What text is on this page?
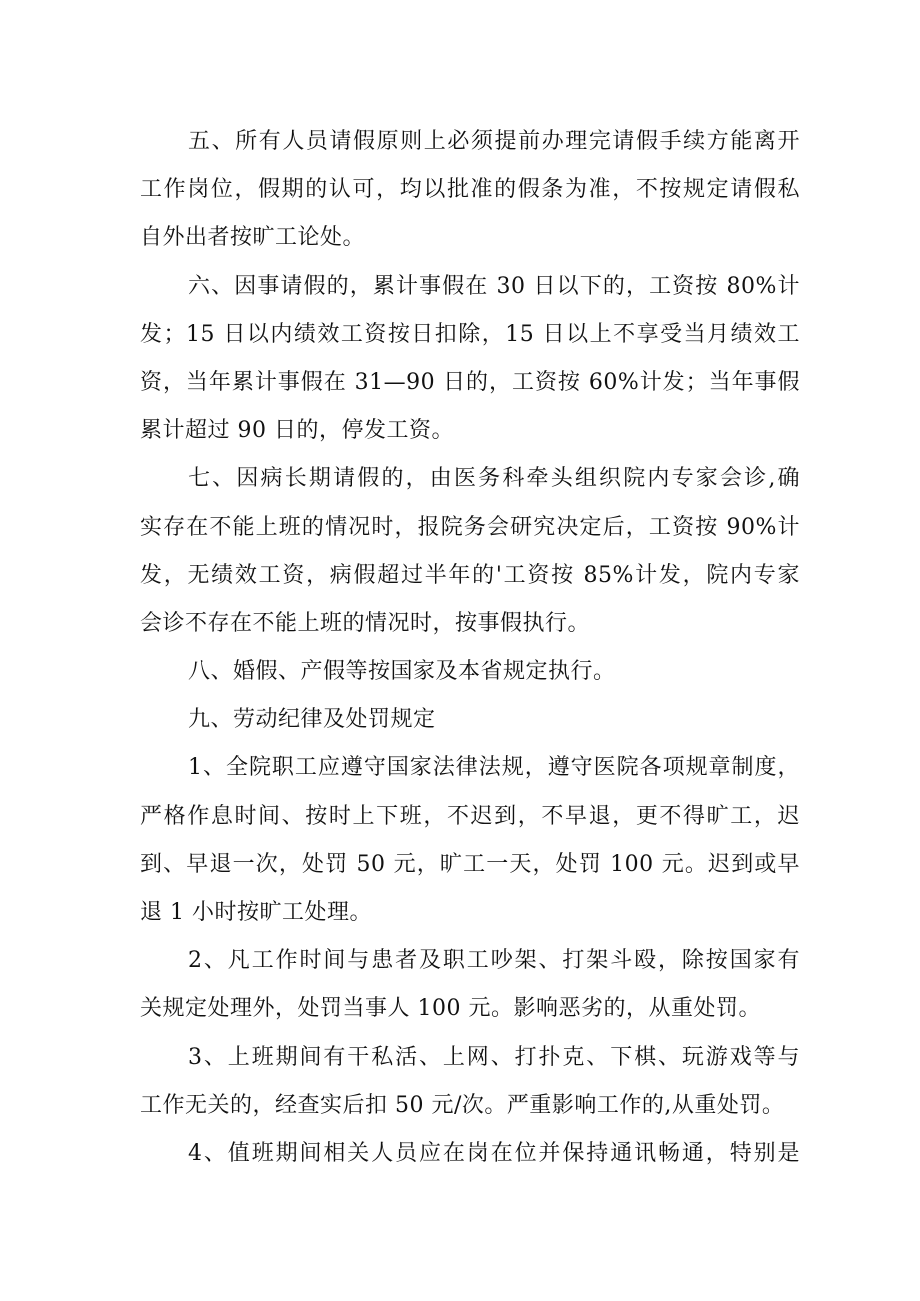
五、所有人员请假原则上必须提前办理完请假手续方能离开
工作岗位，假期的认可，均以批准的假条为准，不按规定请假私
自外出者按旷工论处。
六、因事请假的，累计事假在 30 日以下的，工资按 80%计
发；15 日以内绩效工资按日扣除，15 日以上不享受当月绩效工
资，当年累计事假在 31—90 日的，工资按 60%计发；当年事假
累计超过 90 日的，停发工资。
七、因病长期请假的，由医务科牵头组织院内专家会诊,确
实存在不能上班的情况时，报院务会研究决定后，工资按 90%计
发，无绩效工资，病假超过半年的'工资按 85%计发，院内专家
会诊不存在不能上班的情况时，按事假执行。
八、婚假、产假等按国家及本省规定执行。
九、劳动纪律及处罚规定
1、全院职工应遵守国家法律法规，遵守医院各项规章制度，
严格作息时间、按时上下班，不迟到，不早退，更不得旷工，迟
到、早退一次，处罚 50 元，旷工一天，处罚 100 元。迟到或早
退 1 小时按旷工处理。
2、凡工作时间与患者及职工吵架、打架斗殴，除按国家有
关规定处理外，处罚当事人 100 元。影响恶劣的，从重处罚。
3、上班期间有干私活、上网、打扑克、下棋、玩游戏等与
工作无关的，经查实后扣 50 元/次。严重影响工作的,从重处罚。
4、值班期间相关人员应在岗在位并保持通讯畅通，特别是
